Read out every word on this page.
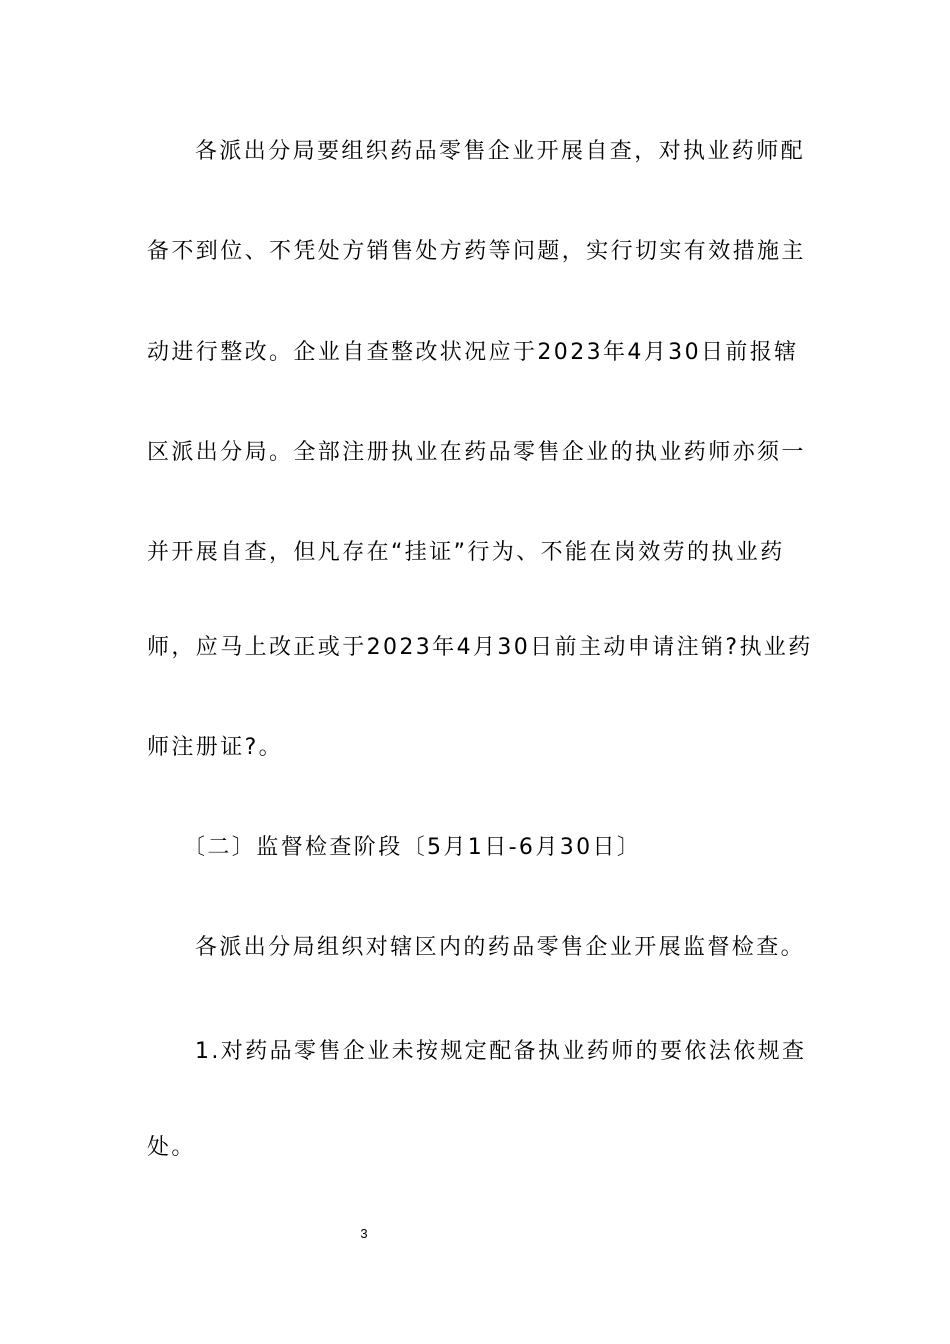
各派出分局要组织药品零售企业开展自查，对执业药师配
备不到位、不凭处方销售处方药等问题，实行切实有效措施主
动进行整改。企业自查整改状况应于2023年4月30日前报辖
区派出分局。全部注册执业在药品零售企业的执业药师亦须一
并开展自查，但凡存在“挂证”行为、不能在岗效劳的执业药
师，应马上改正或于2023年4月30日前主动申请注销?执业药
师注册证?。
〔二〕监督检查阶段〔5月1日-6月30日〕
各派出分局组织对辖区内的药品零售企业开展监督检查。
1.对药品零售企业未按规定配备执业药师的要依法依规查
处。
3
